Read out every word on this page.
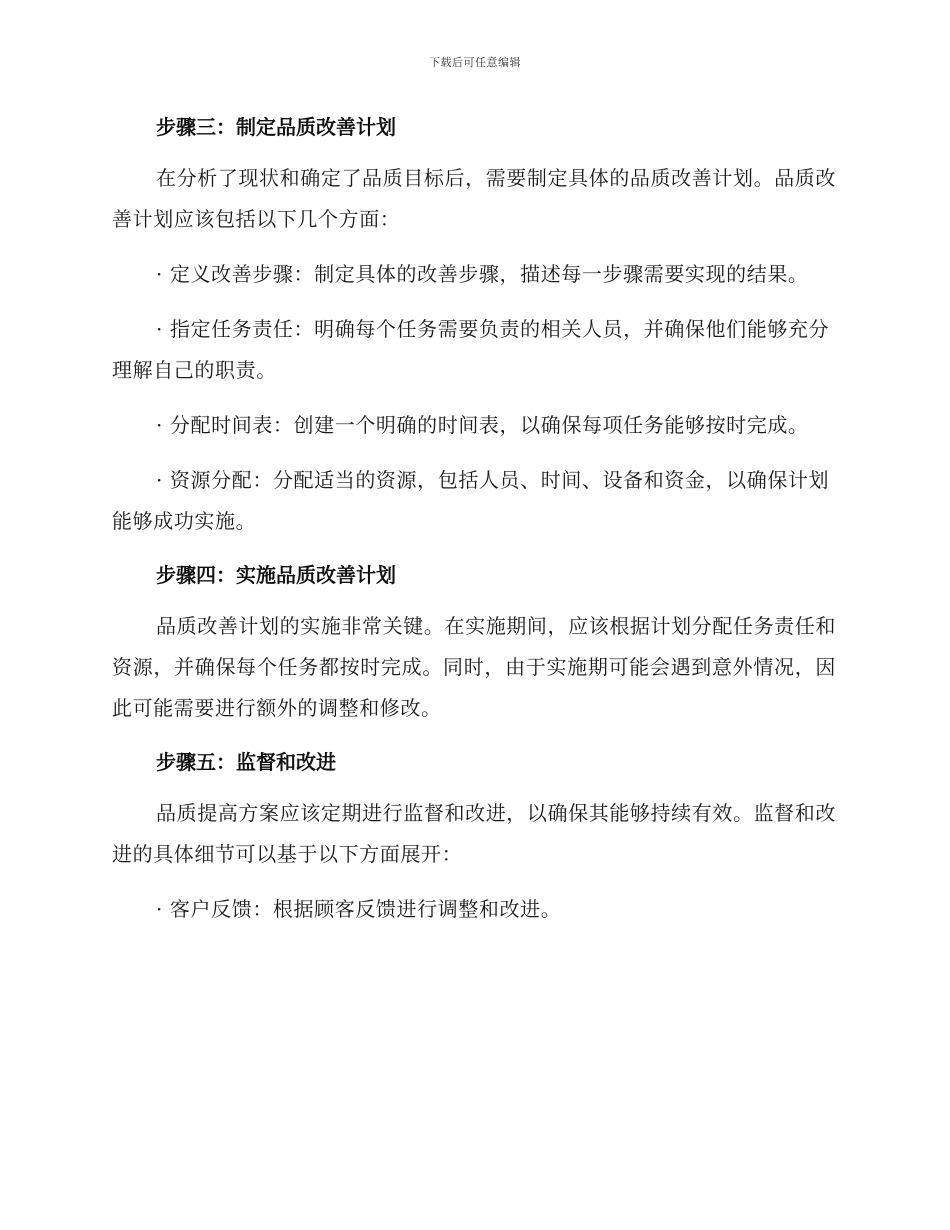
下载后可任意编辑
步骤三：制定品质改善计划

在分析了现状和确定了品质目标后，需要制定具体的品质改善计划。品质改善计划应该包括以下几个方面：

· 定义改善步骤：制定具体的改善步骤，描述每一步骤需要实现的结果。

· 指定任务责任：明确每个任务需要负责的相关人员，并确保他们能够充分理解自己的职责。

· 分配时间表：创建一个明确的时间表，以确保每项任务能够按时完成。

· 资源分配：分配适当的资源，包括人员、时间、设备和资金，以确保计划能够成功实施。

步骤四：实施品质改善计划

品质改善计划的实施非常关键。在实施期间，应该根据计划分配任务责任和资源，并确保每个任务都按时完成。同时，由于实施期可能会遇到意外情况，因此可能需要进行额外的调整和修改。

步骤五：监督和改进

品质提高方案应该定期进行监督和改进，以确保其能够持续有效。监督和改进的具体细节可以基于以下方面展开：

· 客户反馈：根据顾客反馈进行调整和改进。
